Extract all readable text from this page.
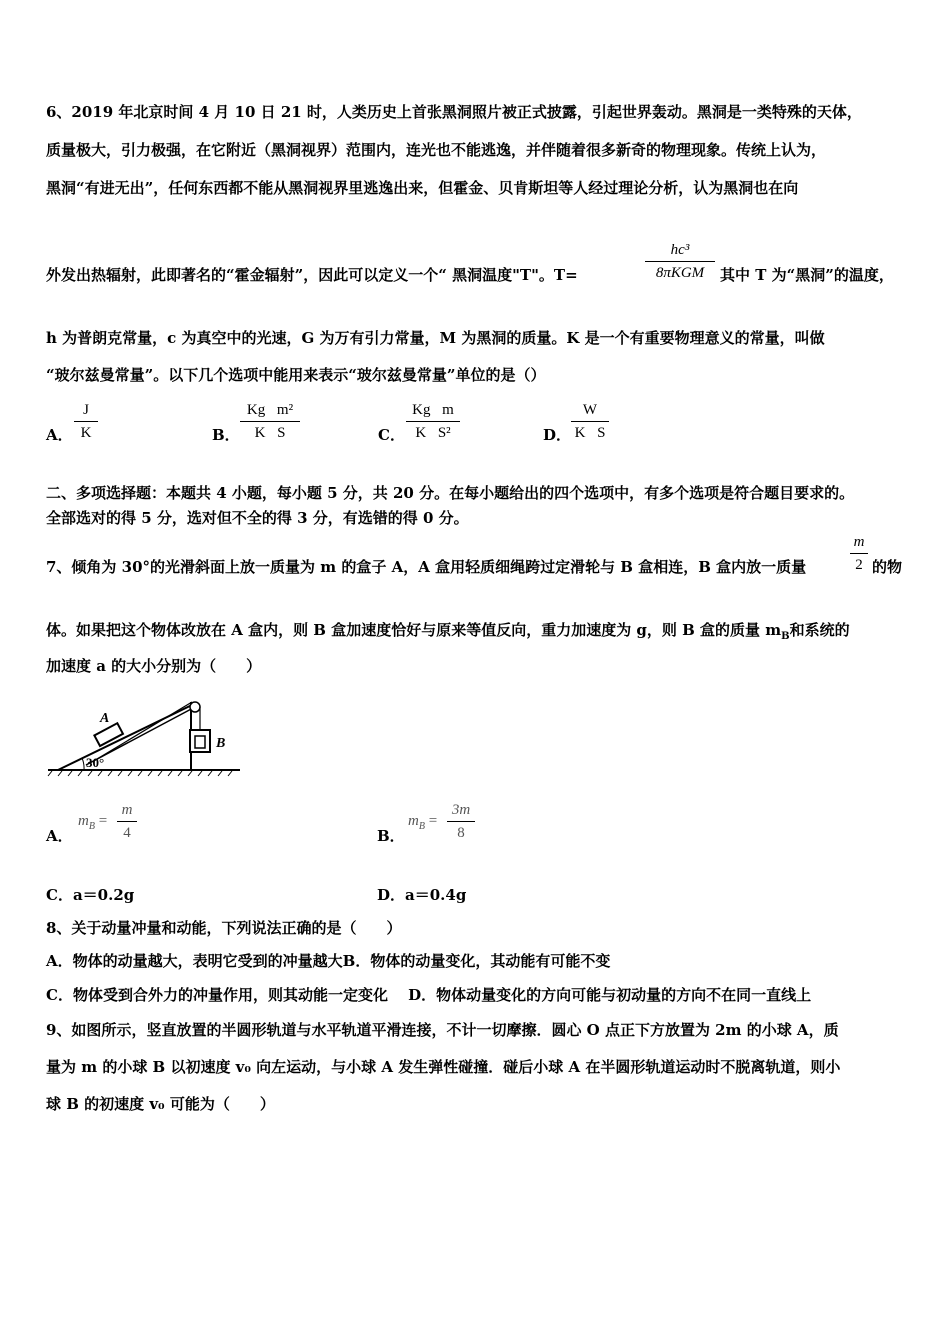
6、2019 年北京时间 4 月 10 日 21 时，人类历史上首张黑洞照片被正式披露，引起世界轰动。黑洞是一类特殊的天体，
质量极大，引力极强，在它附近（黑洞视界）范围内，连光也不能逃逸，并伴随着很多新奇的物理现象。传统上认为，
黑洞“有进无出”，任何东西都不能从黑洞视界里逃逸出来，但霍金、贝肯斯坦等人经过理论分析，认为黑洞也在向
外发出热辐射，此即著名的“霍金辐射”，因此可以定义一个“ 黑洞温度"T"。T=
hc³
8πKGM	其中 T 为“黑洞”的温度，
h 为普朗克常量，c 为真空中的光速，G 为万有引力常量，M 为黑洞的质量。K 是一个有重要物理意义的常量，叫做
“玻尔兹曼常量”。以下几个选项中能用来表示“玻尔兹曼常量”单位的是（）
A．
J
K	B．
Kg⃞m²
K⃞S	C．
Kg⃞m
K⃞S²	D．
W
K⃞S
二、多项选择题：本题共 4 小题，每小题 5 分，共 20 分。在每小题给出的四个选项中，有多个选项是符合题目要求的。
全部选对的得 5 分，选对但不全的得 3 分，有选错的得 0 分。
7、倾角为 30°的光滑斜面上放一质量为 m 的盒子 A，A 盒用轻质细绳跨过定滑轮与 B 盒相连，B 盒内放一质量
m
2 的物
体。如果把这个物体改放在 A 盒内，则 B 盒加速度恰好与原来等值反向，重力加速度为 g，则 B 盒的质量 $m_B$和系统的
加速度 a 的大小分别为（　　）
A
B
30°
A．
$m_B$ =
m
4	B．
$m_B$ =
3m
8
C．a＝0.2g	D．a＝0.4g
8、关于动量冲量和动能，下列说法正确的是（　　）
A．物体的动量越大，表明它受到的冲量越大B．物体的动量变化，其动能有可能不变
C．物体受到合外力的冲量作用，则其动能一定变化　 D．物体动量变化的方向可能与初动量的方向不在同一直线上
9、如图所示，竖直放置的半圆形轨道与水平轨道平滑连接，不计一切摩擦．圆心 O 点正下方放置为 2m 的小球 A，质
量为 m 的小球 B 以初速度 v₀ 向左运动，与小球 A 发生弹性碰撞．碰后小球 A 在半圆形轨道运动时不脱离轨道，则小
球 B 的初速度 v₀ 可能为（　　）
